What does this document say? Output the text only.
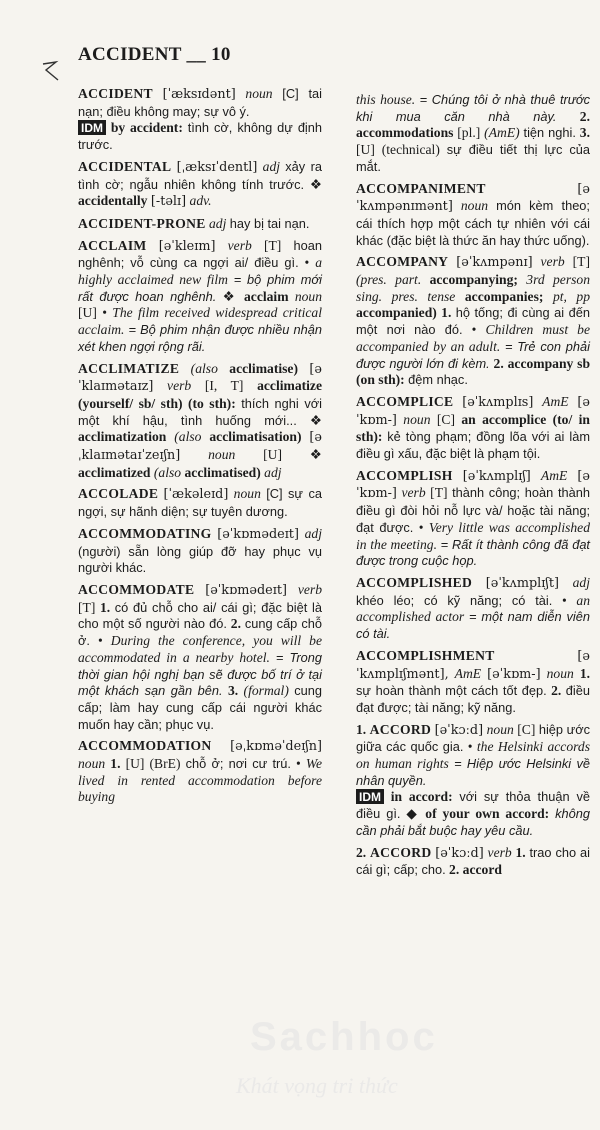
ACCIDENT __ 10
ACCIDENT [ˈæksɪdənt] noun [C] tai nạn; điều không may; sự vô ý.
IDM by accident: tình cờ, không dự định trước.
ACCIDENTAL [ˌæksɪˈdentl] adj xảy ra tình cờ; ngẫu nhiên không tính trước. ❖ accidentally [-təlɪ] adv.
ACCIDENT-PRONE adj hay bị tai nạn.
ACCLAIM [əˈkleɪm] verb [T] hoan nghênh; vỗ cùng ca ngợi ai/ điều gì. • a highly acclaimed new film = bộ phim mới rất được hoan nghênh. ❖ acclaim noun [U] • The film received widespread critical acclaim. = Bộ phim nhận được nhiều nhận xét khen ngợi rộng rãi.
ACCLIMATIZE (also acclimatise) [əˈklaɪmətaɪz] verb [I, T] acclimatize (yourself/ sb/ sth) (to sth): thích nghi với một khí hậu, tình huống mới... ❖ acclimatization (also acclimatisation) [əˌklaɪmətaɪˈzeɪʃn] noun [U] ❖ acclimatized (also acclimatised) adj
ACCOLADE [ˈækəleɪd] noun [C] sự ca ngợi, sự hãnh diện; sự tuyên dương.
ACCOMMODATING [əˈkɒmədeɪt] adj (người) sẵn lòng giúp đỡ hay phục vụ người khác.
ACCOMMODATE [əˈkɒmədeɪt] verb [T] 1. có đủ chỗ cho ai/ cái gì; đặc biệt là cho một số người nào đó. 2. cung cấp chỗ ở. • During the conference, you will be accommodated in a nearby hotel. = Trong thời gian hội nghị bạn sẽ được bố trí ở tại một khách sạn gần bên. 3. (formal) cung cấp; làm hay cung cấp cái người khác muốn hay cần; phục vụ.
ACCOMMODATION [əˌkɒməˈdeɪʃn] noun 1. [U] (BrE) chỗ ở; nơi cư trú. • We lived in rented accommodation before buying
this house. = Chúng tôi ở nhà thuê trước khi mua căn nhà này. 2. accommodations [pl.] (AmE) tiện nghi. 3. [U] (technical) sự điều tiết thị lực của mắt.
ACCOMPANIMENT	[əˈkʌmpənɪmənt] noun món kèm theo; cái thích hợp một cách tự nhiên với cái khác (đặc biệt là thức ăn hay thức uống).
ACCOMPANY [əˈkʌmpənɪ] verb [T] (pres. part. accompanying; 3rd person sing. pres. tense accompanies; pt, pp accompanied) 1. hộ tống; đi cùng ai đến một nơi nào đó. • Children must be accompanied by an adult. = Trẻ con phải được người lớn đi kèm. 2. accompany sb (on sth): đệm nhạc.
ACCOMPLICE [əˈkʌmplɪs] AmE [əˈkɒm-] noun [C] an accomplice (to/ in sth): kẻ tòng phạm; đồng lõa với ai làm điều gì xấu, đặc biệt là phạm tội.
ACCOMPLISH [əˈkʌmplɪʃ] AmE [əˈkɒm-] verb [T] thành công; hoàn thành điều gì đòi hỏi nỗ lực và/ hoặc tài năng; đạt được. • Very little was accomplished in the meeting. = Rất ít thành công đã đạt được trong cuộc họp.
ACCOMPLISHED [əˈkʌmplɪʃt] adj khéo léo; có kỹ năng; có tài. • an accomplished actor = một nam diễn viên có tài.
ACCOMPLISHMENT	[əˈkʌmplɪʃmənt], AmE [əˈkɒm-] noun 1. sự hoàn thành một cách tốt đẹp. 2. điều đạt được; tài năng; kỹ năng.
1. ACCORD [əˈkɔːd] noun [C] hiệp ước giữa các quốc gia. • the Helsinki accords on human rights = Hiệp ước Helsinki về nhân quyền.
IDM in accord: với sự thỏa thuận về điều gì. ◆ of your own accord: không cần phải bắt buộc hay yêu cầu.
2. ACCORD [əˈkɔːd] verb 1. trao cho ai cái gì; cấp; cho. 2. accord
Sachhoc
Khát vọng tri thức
